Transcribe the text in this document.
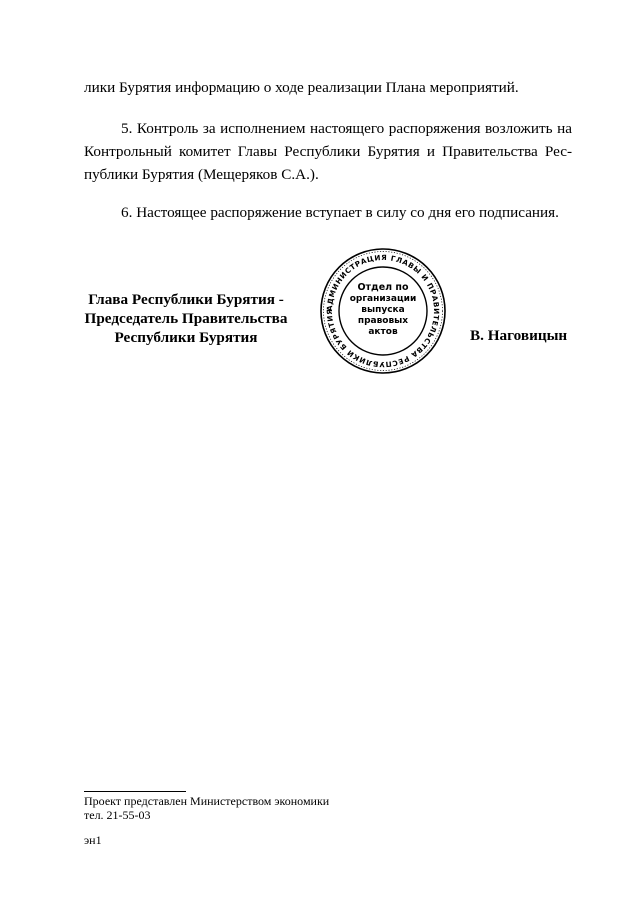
лики Бурятия информацию о ходе реализации Плана мероприятий.
5. Контроль за исполнением настоящего распоряжения возложить на Контрольный комитет Главы Республики Бурятия и Правительства Рес-публики Бурятия (Мещеряков С.А.).
6. Настоящее распоряжение вступает в силу со дня его подписания.
Глава Республики Бурятия -
Председатель Правительства
Республики Бурятия
АДМИНИСТРАЦИЯ ГЛАВЫ И ПРАВИТЕЛЬСТВА РЕСПУБЛИКИ БУРЯТИЯ
Отдел по
организации
выпуска
правовых
актов	В. Наговицын
Проект представлен Министерством экономики
тел. 21-55-03
эн1
